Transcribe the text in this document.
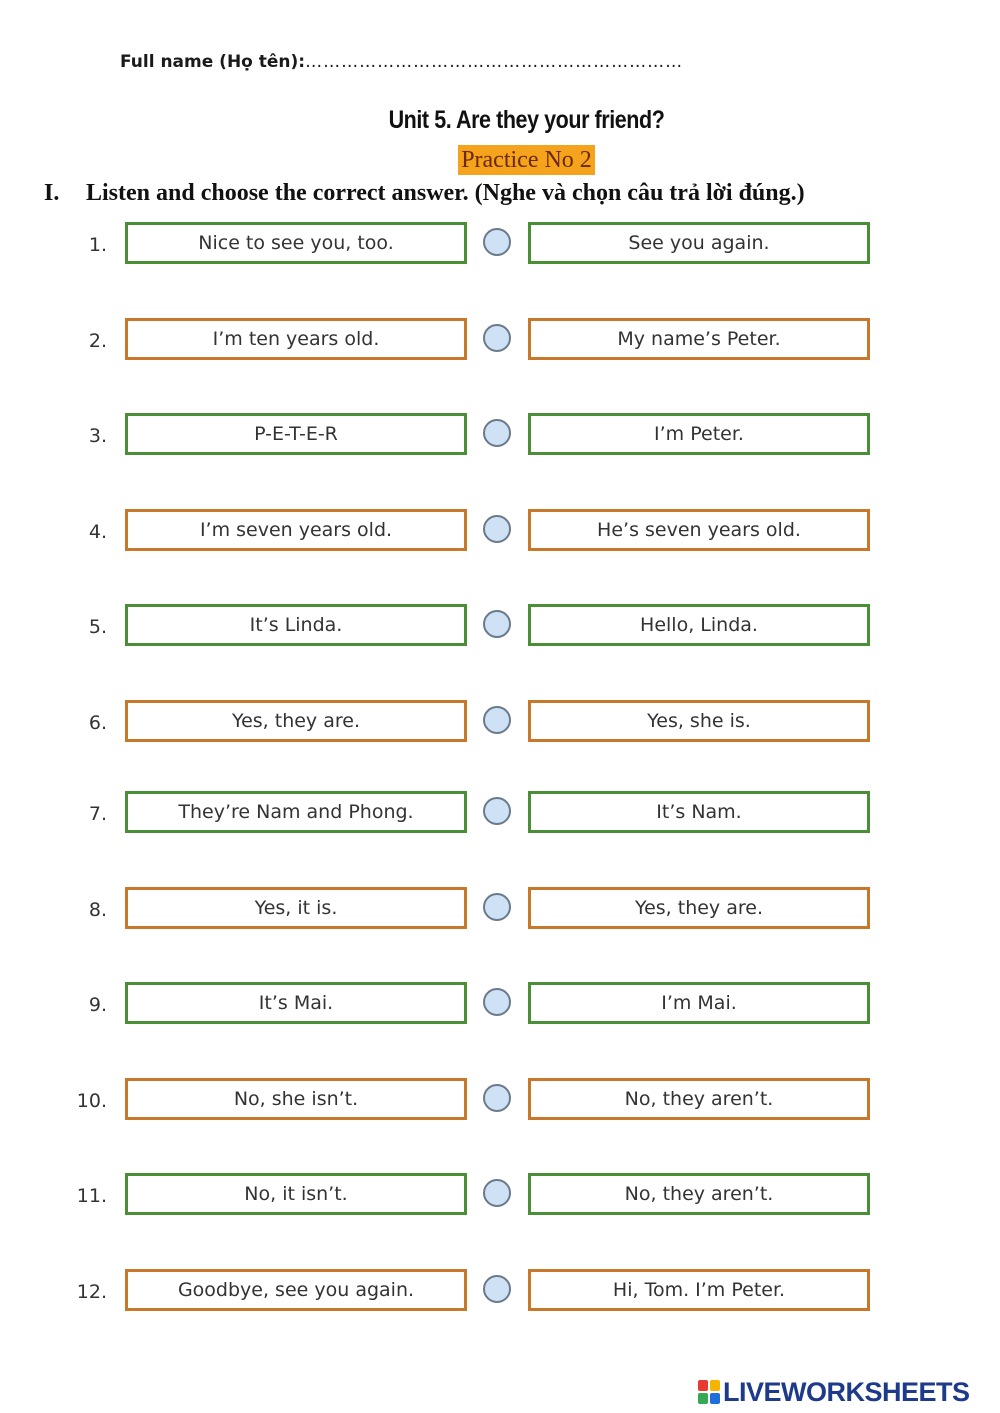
Full name (Họ tên):………………………………………………………
Unit 5. Are they your friend?
Practice No 2
I. Listen and choose the correct answer. (Nghe và chọn câu trả lời đúng.)
1.	Nice to see you, too.	See you again.
2.	I’m ten years old.	My name’s Peter.
3.	P-E-T-E-R	I’m Peter.
4.	I’m seven years old.	He’s seven years old.
5.	It’s Linda.	Hello, Linda.
6.	Yes, they are.	Yes, she is.
7.	They’re Nam and Phong.	It’s Nam.
8.	Yes, it is.	Yes, they are.
9.	It’s Mai.	I’m Mai.
10.	No, she isn’t.	No, they aren’t.
11.	No, it isn’t.	No, they aren’t.
12.	Goodbye, see you again.	Hi, Tom. I’m Peter.
LIVEWORKSHEETS
